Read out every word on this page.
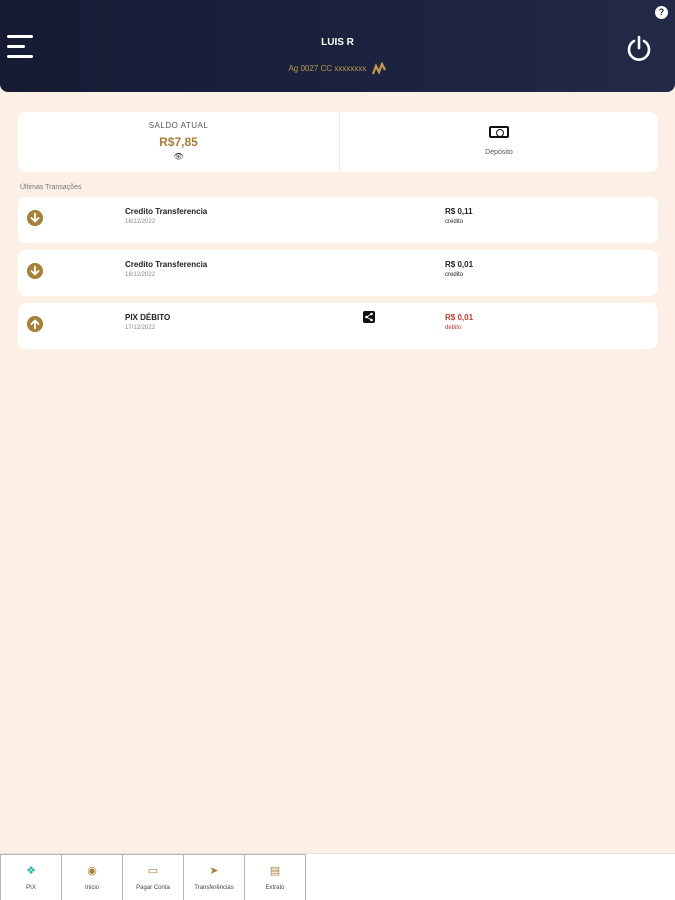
?
LUIS R
Ag 0027 CC xxxxxxxx
SALDO ATUAL
R$7,85
👁	Depósito
Últimas Transações
Credito Transferencia
18/12/2022
R$ 0,11
credito
Credito Transferencia
18/12/2022
R$ 0,01
credito
PIX DÉBITO
17/12/2022
R$ 0,01
debito
❖
PIX
◉
Inicio
▭
Pagar Conta
➤
Transferências
▤
Extrato
